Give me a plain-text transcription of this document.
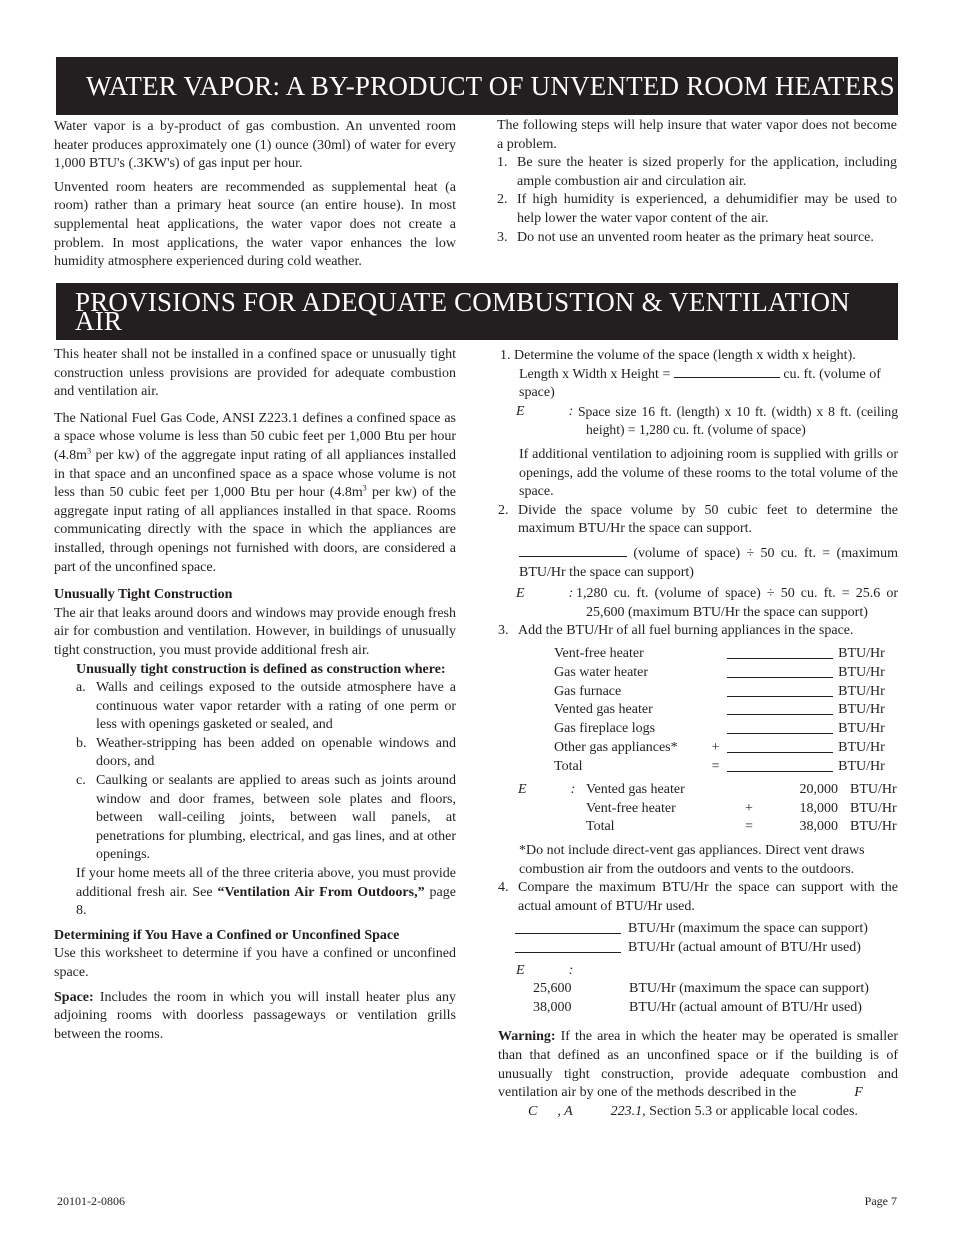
WATER VAPOR: A BY-PRODUCT OF UNVENTED ROOM HEATERS

Water vapor is a by-product of gas combustion. An unvented room heater produces approximately one (1) ounce (30ml) of water for every 1,000 BTU's (.3KW's) of gas input per hour.

Unvented room heaters are recommended as supplemental heat (a room) rather than a primary heat source (an entire house). In most supplemental heat applications, the water vapor does not create a problem. In most applications, the water vapor enhances the low humidity atmosphere experienced during cold weather.

The following steps will help insure that water vapor does not become a problem.

1. Be sure the heater is sized properly for the application, including ample combustion air and circulation air.
2. If high humidity is experienced, a dehumidifier may be used to help lower the water vapor content of the air.
3. Do not use an unvented room heater as the primary heat source.
PROVISIONS FOR ADEQUATE COMBUSTION & VENTILATION AIR

This heater shall not be installed in a confined space or unusually tight construction unless provisions are provided for adequate combustion and ventilation air.

The National Fuel Gas Code, ANSI Z223.1 defines a confined space as a space whose volume is less than 50 cubic feet per 1,000 Btu per hour ($4.8m^3$ per kw) of the aggregate input rating of all appliances installed in that space and an unconfined space as a space whose volume is not less than 50 cubic feet per 1,000 Btu per hour ($4.8m^3$ per kw) of the aggregate input rating of all appliances installed in that space. Rooms communicating directly with the space in which the appliances are installed, through openings not furnished with doors, are considered a part of the unconfined space.

Unusually Tight Construction

The air that leaks around doors and windows may provide enough fresh air for combustion and ventilation. However, in buildings of unusually tight construction, you must provide additional fresh air.

Unusually tight construction is defined as construction where:

a. Walls and ceilings exposed to the outside atmosphere have a continuous water vapor retarder with a rating of one perm or less with openings gasketed or sealed, and
b. Weather-stripping has been added on openable windows and doors, and
c. Caulking or sealants are applied to areas such as joints around window and door frames, between sole plates and floors, between wall-ceiling joints, between wall panels, at penetrations for plumbing, electrical, and gas lines, and at other openings.

If your home meets all of the three criteria above, you must provide additional fresh air. See “Ventilation Air From Outdoors,” page 8.

Determining if You Have a Confined or Unconfined Space

Use this worksheet to determine if you have a confined or unconfined space.

Space: Includes the room in which you will install heater plus any adjoining rooms with doorless passageways or ventilation grills between the rooms.

1. Determine the volume of the space (length x width x height).
Length x Width x Height =	cu. ft. (volume of space)
E	: Space size 16 ft. (length) x 10 ft. (width) x 8 ft. (ceiling height) = 1,280 cu. ft. (volume of space)

If additional ventilation to adjoining room is supplied with grills or openings, add the volume of these rooms to the total volume of the space.

2. Divide the space volume by 50 cubic feet to determine the maximum BTU/Hr the space can support.

(volume of space) ÷ 50 cu. ft. = (maximum BTU/Hr the space can support)

E	: 1,280 cu. ft. (volume of space) ÷ 50 cu. ft. = 25.6 or 25,600 (maximum BTU/Hr the space can support)
3. Add the BTU/Hr of all fuel burning appliances in the space.
Vent-free heater	BTU/Hr
Gas water heater	BTU/Hr
Gas furnace	BTU/Hr
Vented gas heater	BTU/Hr
Gas fireplace logs	BTU/Hr
Other gas appliances*	+	BTU/Hr
Total	=	BTU/Hr
E	: Vented gas heater	20,000 BTU/Hr
Vent-free heater	+	18,000 BTU/Hr
Total	=	38,000 BTU/Hr

*Do not include direct-vent gas appliances. Direct vent draws combustion air from the outdoors and vents to the outdoors.

4. Compare the maximum BTU/Hr the space can support with the actual amount of BTU/Hr used.
BTU/Hr (maximum the space can support)
BTU/Hr (actual amount of BTU/Hr used)
E	:
25,600	BTU/Hr (maximum the space can support)
38,000	BTU/Hr (actual amount of BTU/Hr used)

Warning: If the area in which the heater may be operated is smaller than that defined as an unconfined space or if the building is of unusually tight construction, provide adequate combustion and ventilation air by one of the methods described in the	F

C , A	223.1, Section 5.3 or applicable local codes.

20101-2-0806	Page 7
